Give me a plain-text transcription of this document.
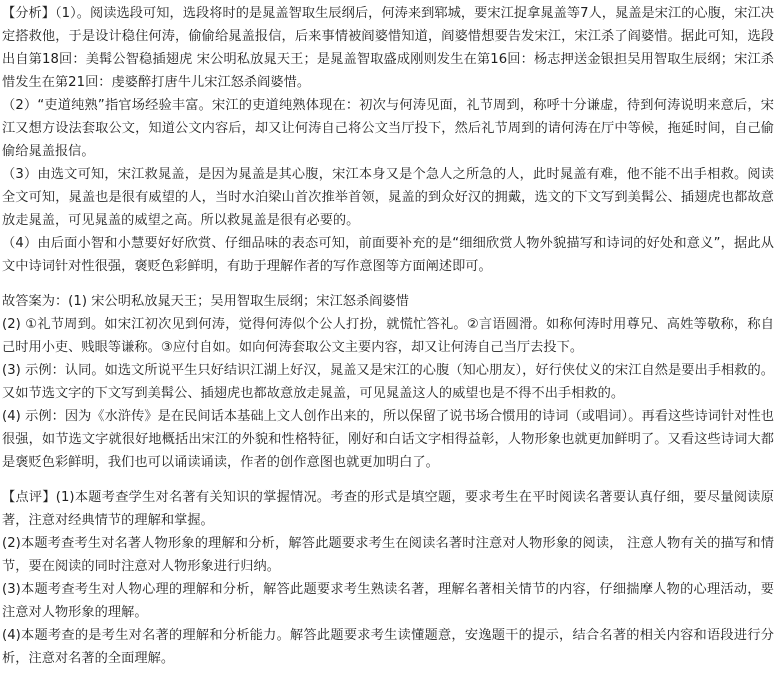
【分析】（1）。阅读选段可知，选段将时的是晁盖智取生辰纲后，何涛来到郓城，要宋江捉拿晁盖等7人，晁盖是宋江的心腹，宋江决定搭救他，于是设计稳住何涛，偷偷给晁盖报信，后来事情被阎婆惜知道，阎婆惜想要告发宋江，宋江杀了阎婆惜。据此可知，选段出自第18回：美髯公智稳插翅虎 宋公明私放晁天王；是晁盖智取盛成刚则发生在第16回：杨志押送金银担吴用智取生辰纲；宋江杀惜发生在第21回：虔婆醉打唐牛儿宋江怒杀阎婆惜。

（2）“吏道纯熟”指官场经验丰富。宋江的吏道纯熟体现在：初次与何涛见面，礼节周到，称呼十分谦虚，待到何涛说明来意后，宋江又想方设法套取公文，知道公文内容后，却又让何涛自己将公文当厅投下，然后礼节周到的请何涛在厅中等候，拖延时间，自己偷偷给晁盖报信。

（3）由选文可知，宋江救晁盖，是因为晁盖是其心腹，宋江本身又是个急人之所急的人，此时晁盖有难，他不能不出手相救。阅读全文可知，晁盖也是很有威望的人，当时水泊梁山首次推举首领，晁盖的到众好汉的拥戴，选文的下文写到美髯公、插翅虎也都故意放走晁盖，可见晁盖的威望之高。所以救晁盖是很有必要的。

（4）由后面小智和小慧要好好欣赏、仔细品味的表态可知，前面要补充的是“细细欣赏人物外貌描写和诗词的好处和意义”，据此从文中诗词针对性很强，褒贬色彩鲜明，有助于理解作者的写作意图等方面阐述即可。

故答案为：(1) 宋公明私放晁天王；吴用智取生辰纲；宋江怒杀阎婆惜

(2) ①礼节周到。如宋江初次见到何涛，觉得何涛似个公人打扮，就慌忙答礼。②言语圆滑。如称何涛时用尊兄、高姓等敬称，称自己时用小吏、贱眼等谦称。③应付自如。如向何涛套取公文主要内容，却又让何涛自己当厅去投下。

(3) 示例：认同。如选文所说平生只好结识江湖上好汉，晁盖又是宋江的心腹（知心朋友），好行侠仗义的宋江自然是要出手相救的。又如节选文字的下文写到美髯公、插翅虎也都故意放走晁盖，可见晁盖这人的威望也是不得不出手相救的。

(4) 示例：因为《水浒传》是在民间话本基础上文人创作出来的，所以保留了说书场合惯用的诗词（或唱词）。再看这些诗词针对性也很强，如节选文字就很好地概括出宋江的外貌和性格特征，刚好和白话文字相得益彰，人物形象也就更加鲜明了。又看这些诗词大都是褒贬色彩鲜明，我们也可以诵读诵读，作者的创作意图也就更加明白了。

【点评】(1)本题考查学生对名著有关知识的掌握情况。考查的形式是填空题，要求考生在平时阅读名著要认真仔细，要尽量阅读原著，注意对经典情节的理解和掌握。

(2)本题考查考生对名著人物形象的理解和分析，解答此题要求考生在阅读名著时注意对人物形象的阅读， 注意人物有关的描写和情节，要在阅读的同时注意对人物形象进行归纳。

(3)本题考查考生对人物心理的理解和分析，解答此题要求考生熟读名著，理解名著相关情节的内容，仔细揣摩人物的心理活动，要注意对人物形象的理解。

(4)本题考查的是考生对名著的理解和分析能力。解答此题要求考生读懂题意，安逸题干的提示，结合名著的相关内容和语段进行分析，注意对名著的全面理解。
